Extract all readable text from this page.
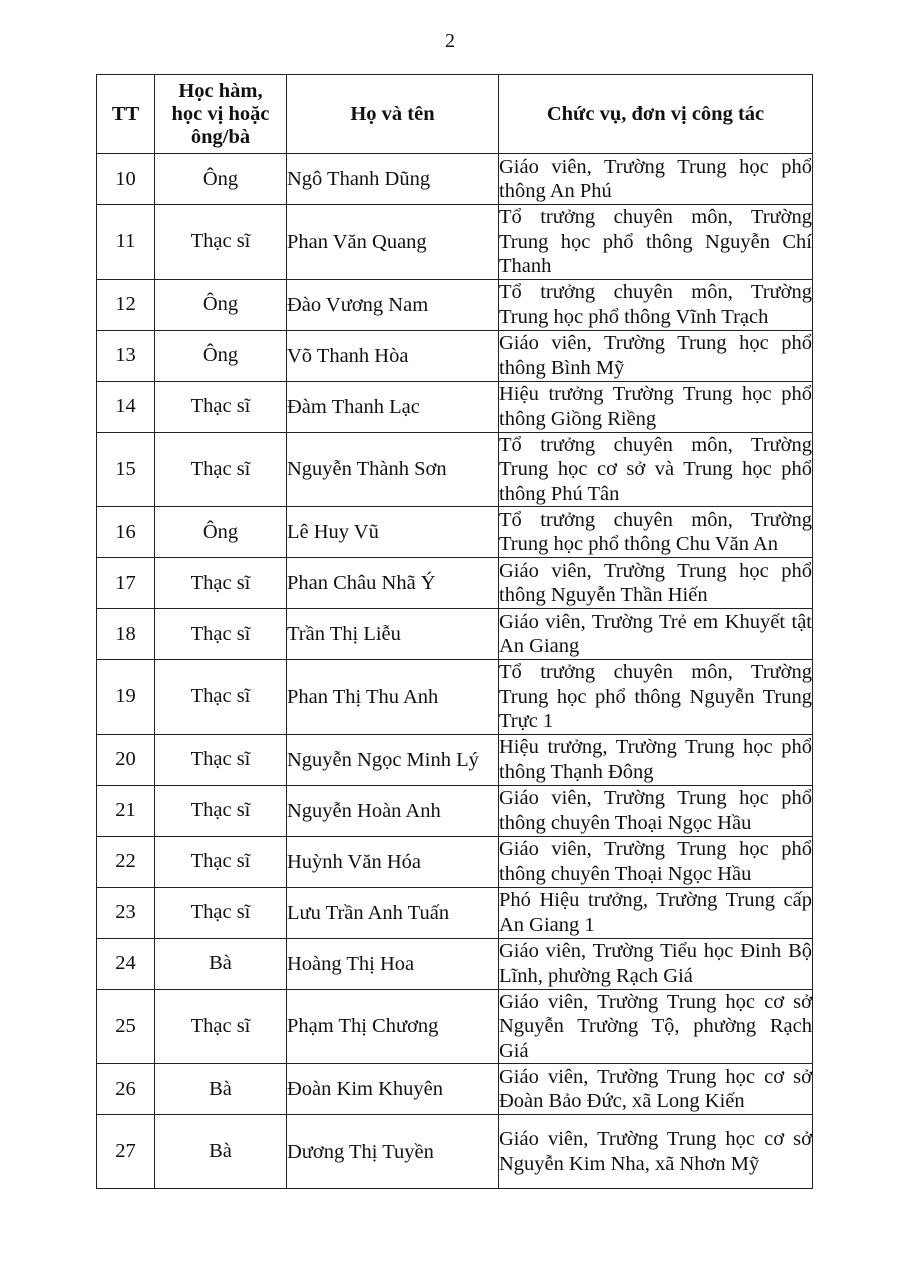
2
TT	Học hàm,
học vị hoặc
ông/bà	Họ và tên	Chức vụ, đơn vị công tác
10	Ông	Ngô Thanh Dũng	Giáo viên, Trường Trung học phổ thông An Phú
11	Thạc sĩ	Phan Văn Quang	Tổ trưởng chuyên môn, Trường Trung học phổ thông Nguyễn Chí Thanh
12	Ông	Đào Vương Nam	Tổ trưởng chuyên môn, Trường Trung học phổ thông Vĩnh Trạch
13	Ông	Võ Thanh Hòa	Giáo viên, Trường Trung học phổ thông Bình Mỹ
14	Thạc sĩ	Đàm Thanh Lạc	Hiệu trưởng Trường Trung học phổ thông Giồng Riềng
15	Thạc sĩ	Nguyễn Thành Sơn	Tổ trưởng chuyên môn, Trường Trung học cơ sở và Trung học phổ thông Phú Tân
16	Ông	Lê Huy Vũ	Tổ trưởng chuyên môn, Trường Trung học phổ thông Chu Văn An
17	Thạc sĩ	Phan Châu Nhã Ý	Giáo viên, Trường Trung học phổ thông Nguyễn Thần Hiến
18	Thạc sĩ	Trần Thị Liễu	Giáo viên, Trường Trẻ em Khuyết tật An Giang
19	Thạc sĩ	Phan Thị Thu Anh	Tổ trưởng chuyên môn, Trường Trung học phổ thông Nguyễn Trung Trực 1
20	Thạc sĩ	Nguyễn Ngọc Minh Lý	Hiệu trưởng, Trường Trung học phổ thông Thạnh Đông
21	Thạc sĩ	Nguyễn Hoàn Anh	Giáo viên, Trường Trung học phổ thông chuyên Thoại Ngọc Hầu
22	Thạc sĩ	Huỳnh Văn Hóa	Giáo viên, Trường Trung học phổ thông chuyên Thoại Ngọc Hầu
23	Thạc sĩ	Lưu Trần Anh Tuấn	Phó Hiệu trưởng, Trường Trung cấp An Giang 1
24	Bà	Hoàng Thị Hoa	Giáo viên, Trường Tiểu học Đinh Bộ Lĩnh, phường Rạch Giá
25	Thạc sĩ	Phạm Thị Chương	Giáo viên, Trường Trung học cơ sở Nguyễn Trường Tộ, phường Rạch Giá
26	Bà	Đoàn Kim Khuyên	Giáo viên, Trường Trung học cơ sở Đoàn Bảo Đức, xã Long Kiến
27	Bà	Dương Thị Tuyền	Giáo viên, Trường Trung học cơ sở Nguyễn Kim Nha, xã Nhơn Mỹ
